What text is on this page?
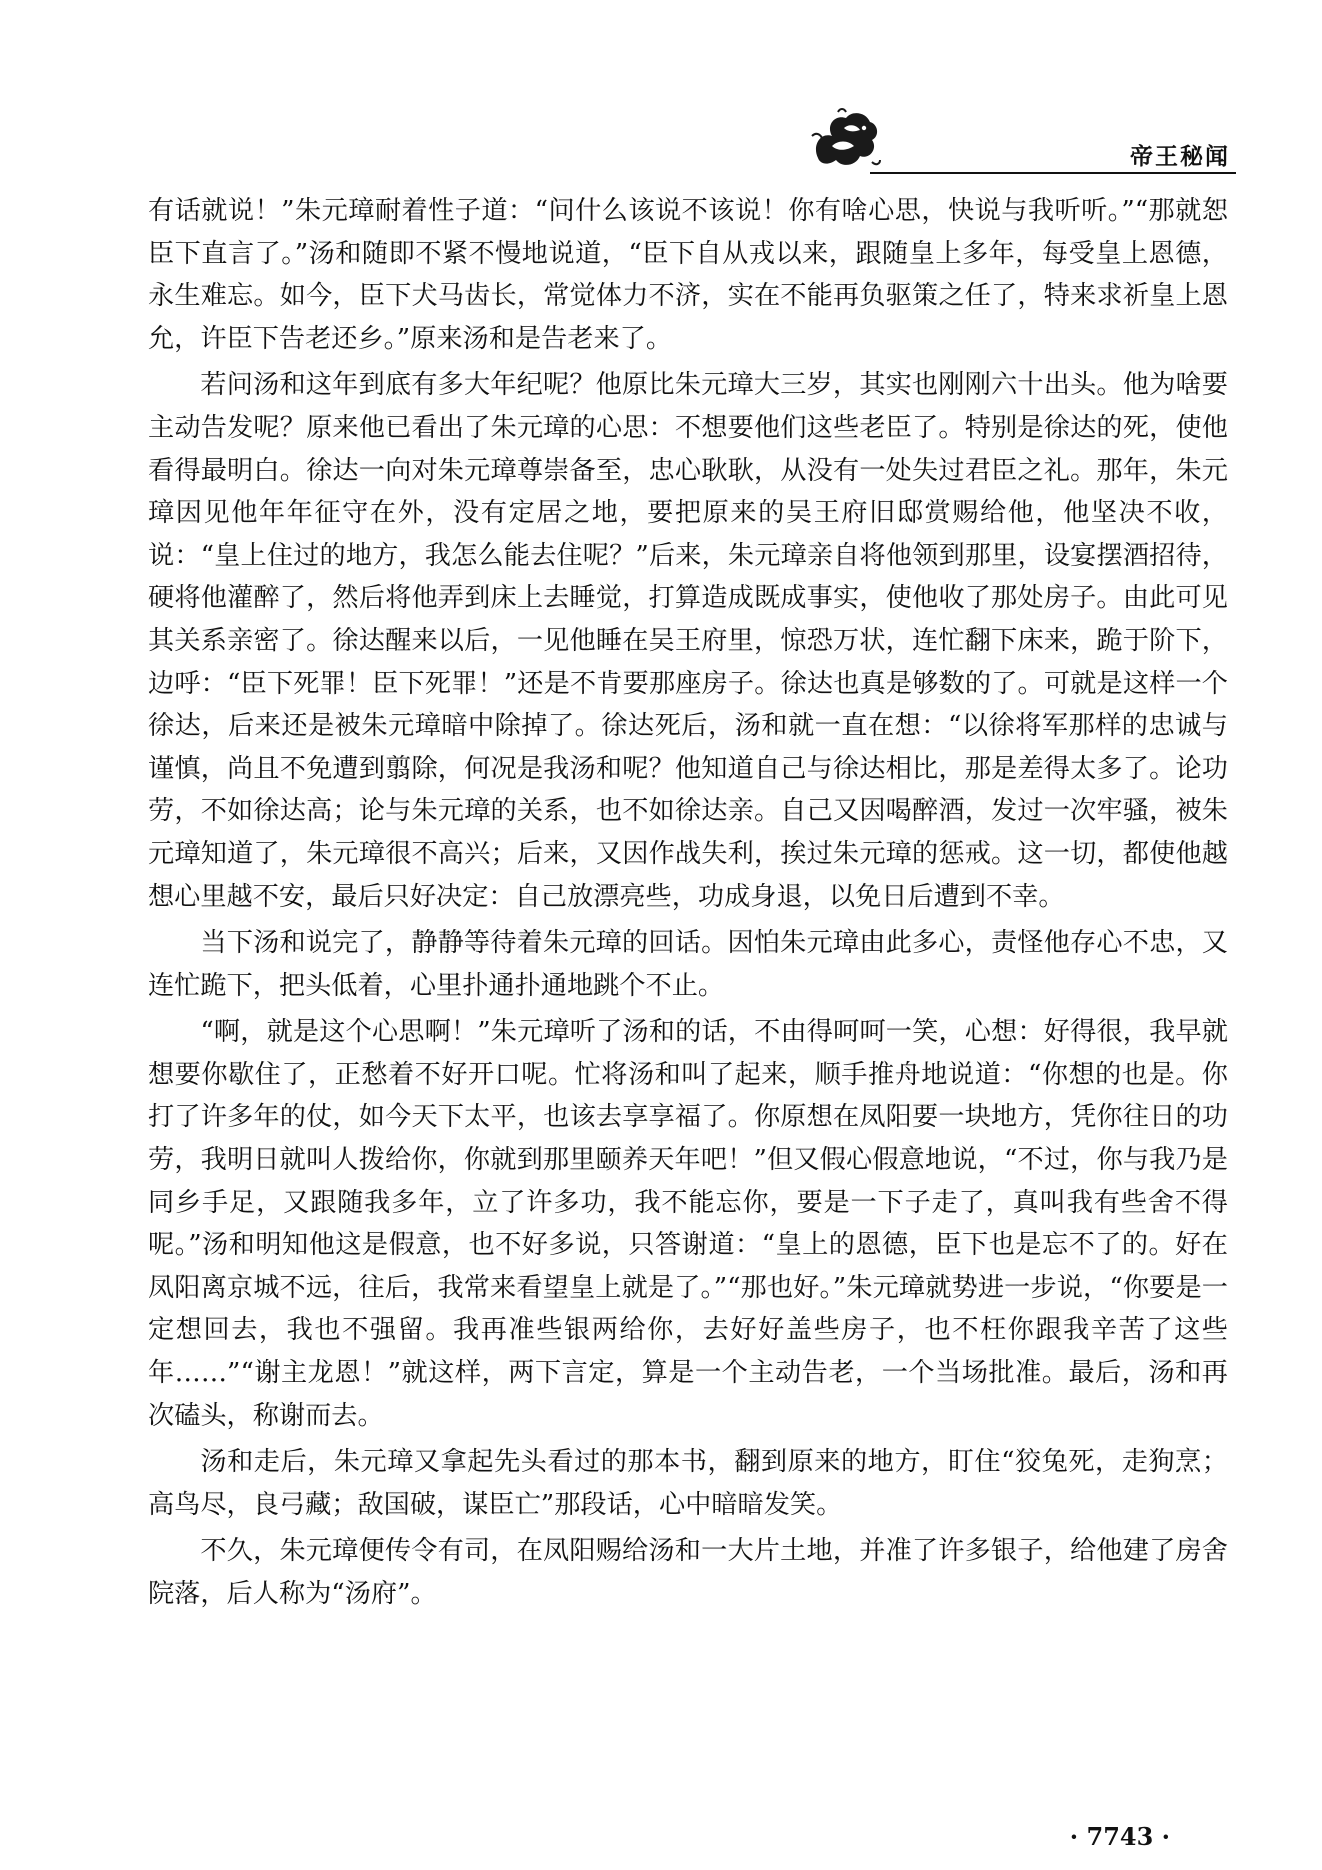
帝王秘闻

有话就说！”朱元璋耐着性子道：“问什么该说不该说！你有啥心思，快说与我听听。”“那就恕臣下直言了。”汤和随即不紧不慢地说道，“臣下自从戎以来，跟随皇上多年，每受皇上恩德，永生难忘。如今，臣下犬马齿长，常觉体力不济，实在不能再负驱策之任了，特来求祈皇上恩允，许臣下告老还乡。”原来汤和是告老来了。

若问汤和这年到底有多大年纪呢？他原比朱元璋大三岁，其实也刚刚六十出头。他为啥要主动告发呢？原来他已看出了朱元璋的心思：不想要他们这些老臣了。特别是徐达的死，使他看得最明白。徐达一向对朱元璋尊崇备至，忠心耿耿，从没有一处失过君臣之礼。那年，朱元璋因见他年年征守在外，没有定居之地，要把原来的吴王府旧邸赏赐给他，他坚决不收，说：“皇上住过的地方，我怎么能去住呢？”后来，朱元璋亲自将他领到那里，设宴摆酒招待，硬将他灌醉了，然后将他弄到床上去睡觉，打算造成既成事实，使他收了那处房子。由此可见其关系亲密了。徐达醒来以后，一见他睡在吴王府里，惊恐万状，连忙翻下床来，跪于阶下，边呼：“臣下死罪！臣下死罪！”还是不肯要那座房子。徐达也真是够数的了。可就是这样一个徐达，后来还是被朱元璋暗中除掉了。徐达死后，汤和就一直在想：“以徐将军那样的忠诚与谨慎，尚且不免遭到翦除，何况是我汤和呢？他知道自己与徐达相比，那是差得太多了。论功劳，不如徐达高；论与朱元璋的关系，也不如徐达亲。自己又因喝醉酒，发过一次牢骚，被朱元璋知道了，朱元璋很不高兴；后来，又因作战失利，挨过朱元璋的惩戒。这一切，都使他越想心里越不安，最后只好决定：自己放漂亮些，功成身退，以免日后遭到不幸。

当下汤和说完了，静静等待着朱元璋的回话。因怕朱元璋由此多心，责怪他存心不忠，又连忙跪下，把头低着，心里扑通扑通地跳个不止。

“啊，就是这个心思啊！”朱元璋听了汤和的话，不由得呵呵一笑，心想：好得很，我早就想要你歇住了，正愁着不好开口呢。忙将汤和叫了起来，顺手推舟地说道：“你想的也是。你打了许多年的仗，如今天下太平，也该去享享福了。你原想在凤阳要一块地方，凭你往日的功劳，我明日就叫人拨给你，你就到那里颐养天年吧！”但又假心假意地说，“不过，你与我乃是同乡手足，又跟随我多年，立了许多功，我不能忘你，要是一下子走了，真叫我有些舍不得呢。”汤和明知他这是假意，也不好多说，只答谢道：“皇上的恩德，臣下也是忘不了的。好在凤阳离京城不远，往后，我常来看望皇上就是了。”“那也好。”朱元璋就势进一步说，“你要是一定想回去，我也不强留。我再准些银两给你，去好好盖些房子，也不枉你跟我辛苦了这些年……”“谢主龙恩！”就这样，两下言定，算是一个主动告老，一个当场批准。最后，汤和再次磕头，称谢而去。

汤和走后，朱元璋又拿起先头看过的那本书，翻到原来的地方，盯住“狡兔死，走狗烹；高鸟尽，良弓藏；敌国破，谋臣亡”那段话，心中暗暗发笑。

不久，朱元璋便传令有司，在凤阳赐给汤和一大片土地，并准了许多银子，给他建了房舍院落，后人称为“汤府”。

· 7743 ·
